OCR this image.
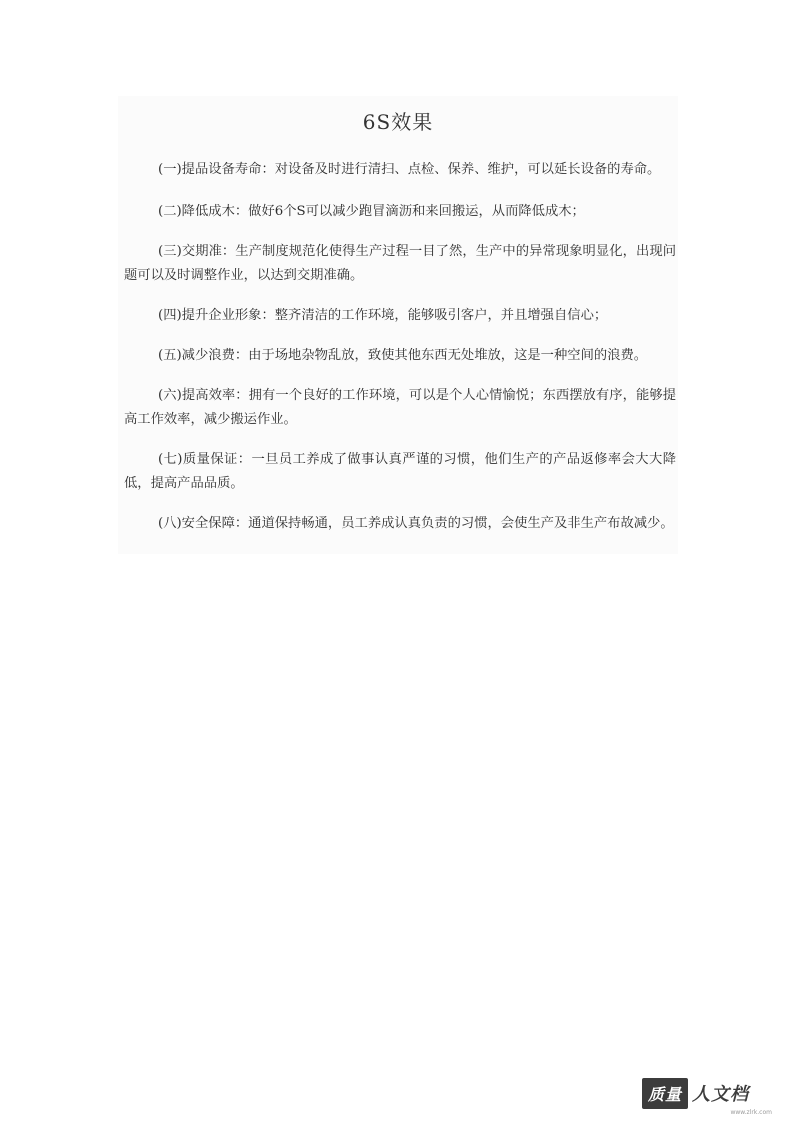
6S效果

(一)提品设备寿命：对设备及时进行清扫、点检、保养、维护，可以延长设备的寿命。

(二)降低成木：做好6个S可以减少跑冒滴沥和来回搬运，从而降低成木；

(三)交期准：生产制度规范化使得生产过程一目了然，生产中的异常现象明显化，出现问题可以及时调整作业，以达到交期准确。

(四)提升企业形象：整齐清洁的工作环境，能够吸引客户，并且增强自信心；

(五)减少浪费：由于场地杂物乱放，致使其他东西无处堆放，这是一种空间的浪费。

(六)提高效率：拥有一个良好的工作环境，可以是个人心情愉悦；东西摆放有序，能够提高工作效率，减少搬运作业。

(七)质量保证：一旦员工养成了做事认真严谨的习惯，他们生产的产品返修率会大大降低，提高产品品质。

(八)安全保障：通道保持畅通，员工养成认真负责的习惯，会使生产及非生产布故减少。

质量 人文档
www.zlrk.com
